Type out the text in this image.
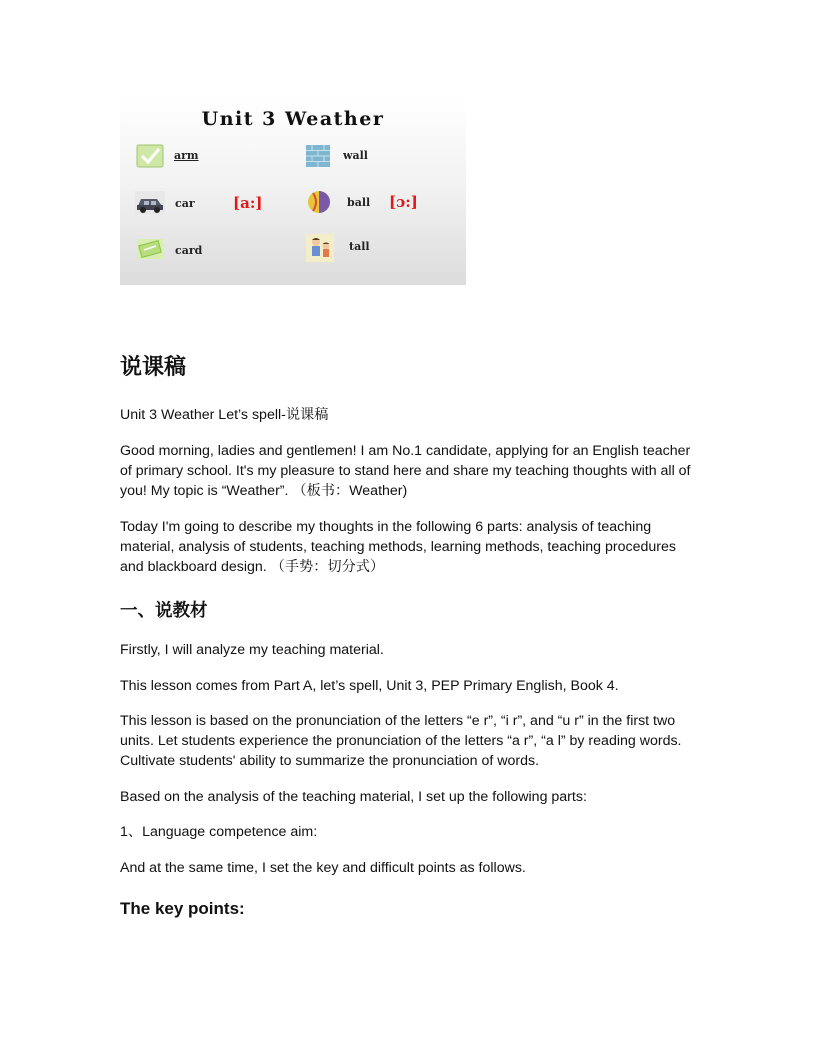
Unit 3 Weather
arm
car
card
[a:]
wall
ball
tall
[ɔ:]
说课稿

Unit 3 Weather Let’s spell-说课稿

Good morning, ladies and gentlemen! I am No.1 candidate, applying for an English teacher of primary school. It's my pleasure to stand here and share my teaching thoughts with all of you! My topic is “Weather”. （板书：Weather)

Today I'm going to describe my thoughts in the following 6 parts: analysis of teaching material, analysis of students, teaching methods, learning methods, teaching procedures and blackboard design. （手势：切分式）

一、说教材

Firstly, I will analyze my teaching material.

This lesson comes from Part A, let’s spell, Unit 3, PEP Primary English, Book 4.

This lesson is based on the pronunciation of the letters “e r”, “i r”, and “u r” in the first two units. Let students experience the pronunciation of the letters “a r”, “a l” by reading words. Cultivate students' ability to summarize the pronunciation of words.

Based on the analysis of the teaching material, I set up the following parts:

1、Language competence aim:

And at the same time, I set the key and difficult points as follows.

The key points:
